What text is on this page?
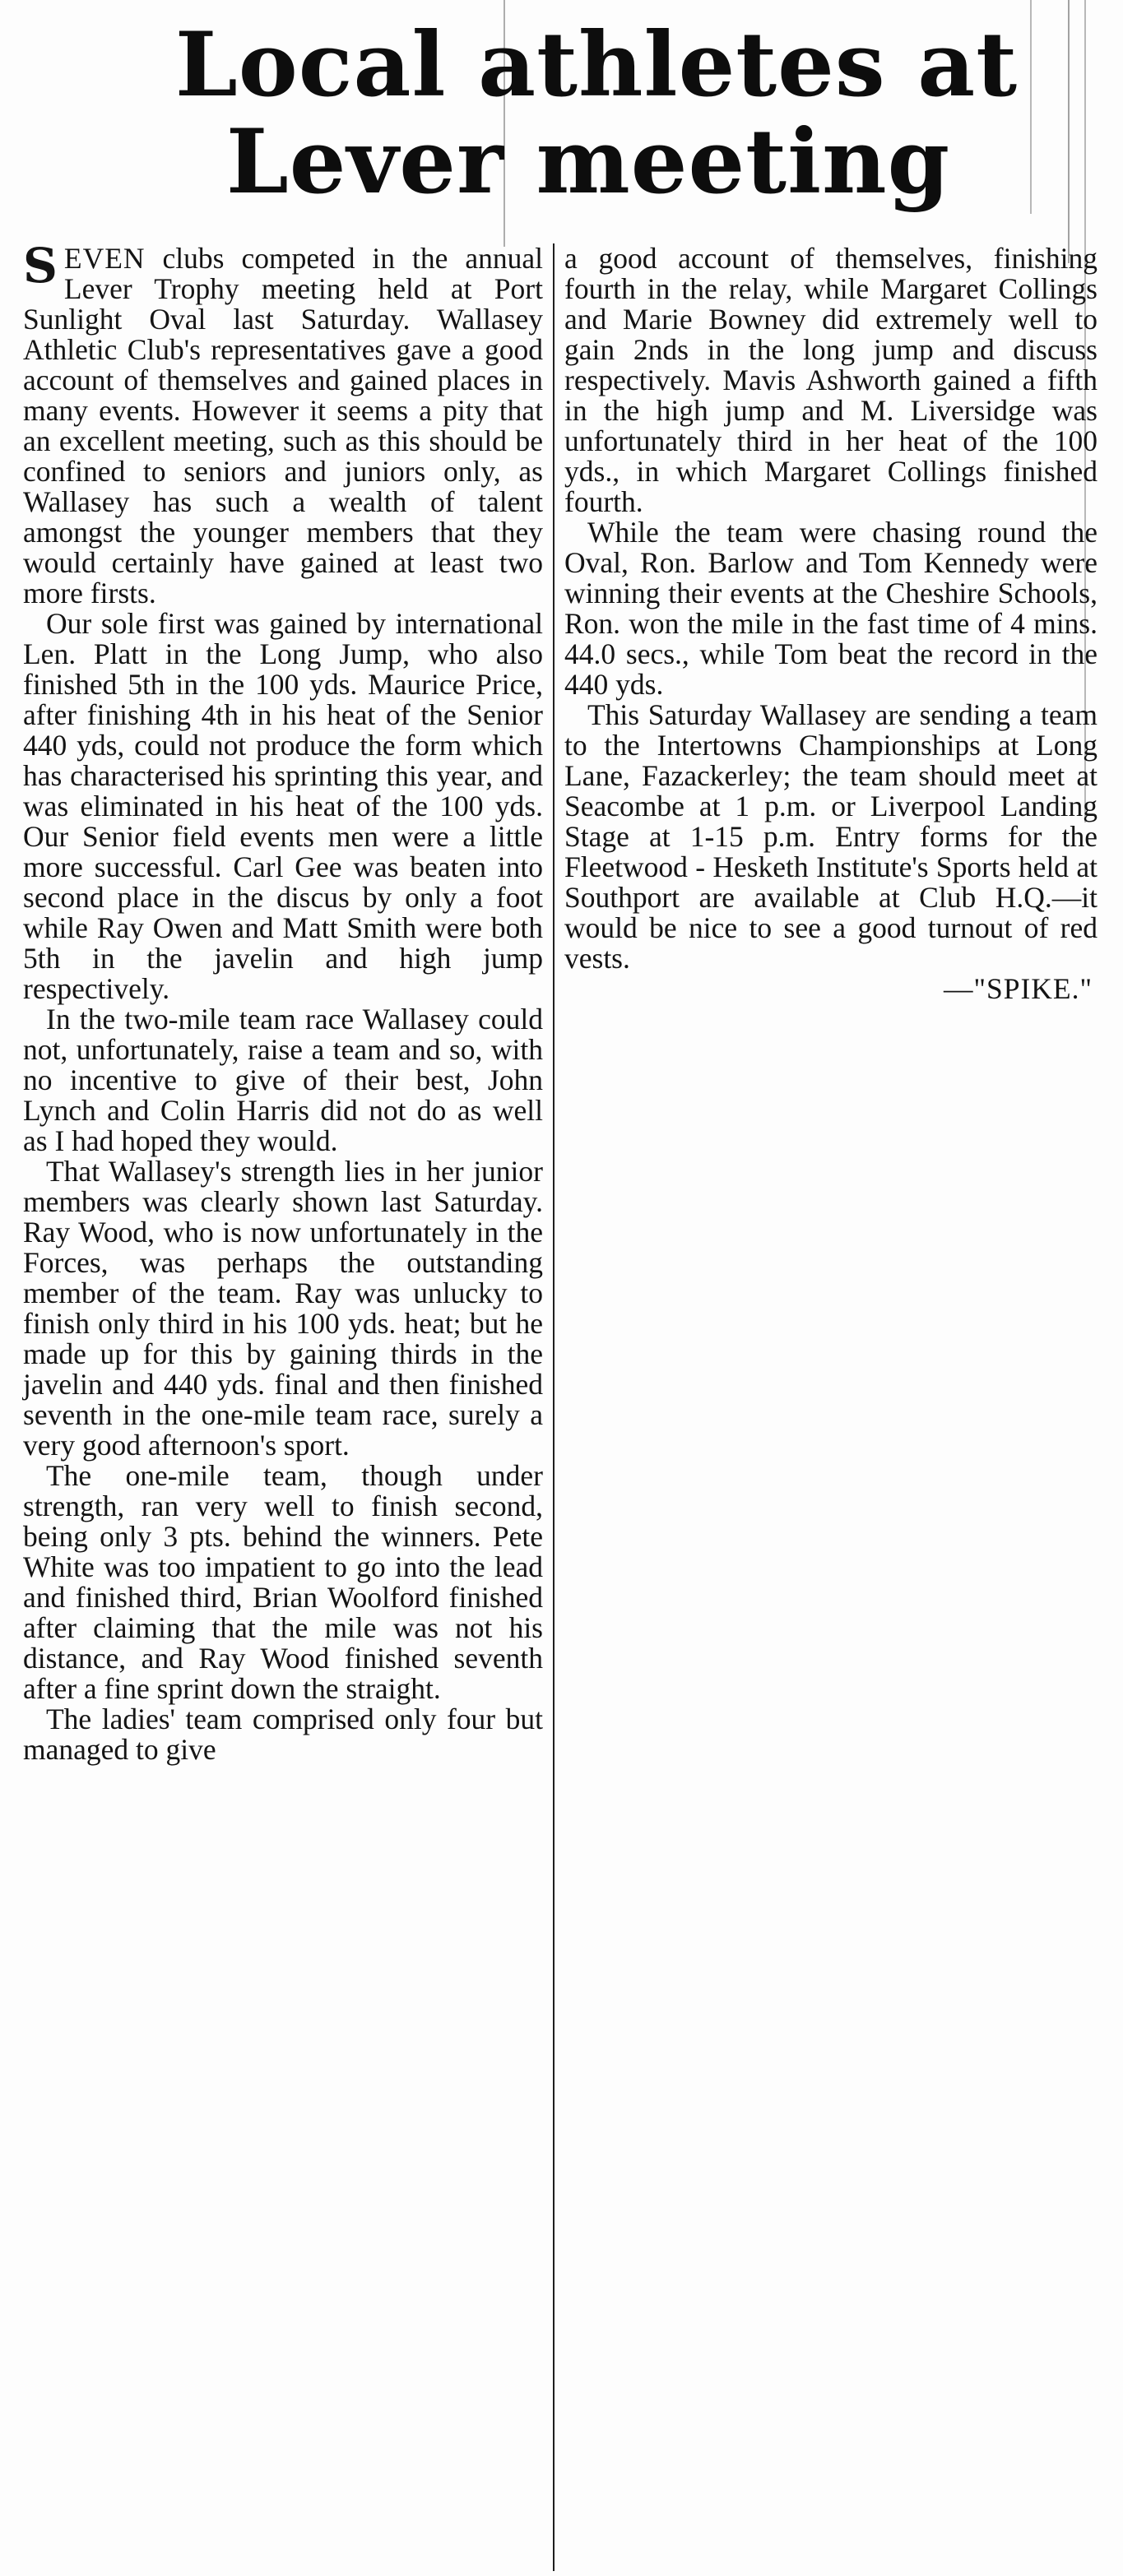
Local athletes at
Lever meeting

SEVEN clubs competed in the annual Lever Trophy meeting held at Port Sunlight Oval last Saturday. Wallasey Athletic Club's representatives gave a good account of themselves and gained places in many events. However it seems a pity that an excellent meeting, such as this should be confined to seniors and juniors only, as Wallasey has such a wealth of talent amongst the younger members that they would certainly have gained at least two more firsts.

Our sole first was gained by international Len. Platt in the Long Jump, who also finished 5th in the 100 yds. Maurice Price, after finishing 4th in his heat of the Senior 440 yds, could not produce the form which has characterised his sprinting this year, and was eliminated in his heat of the 100 yds. Our Senior field events men were a little more successful. Carl Gee was beaten into second place in the discus by only a foot while Ray Owen and Matt Smith were both 5th in the javelin and high jump respectively.

In the two-mile team race Wallasey could not, unfortunately, raise a team and so, with no incentive to give of their best, John Lynch and Colin Harris did not do as well as I had hoped they would.

That Wallasey's strength lies in her junior members was clearly shown last Saturday. Ray Wood, who is now unfortunately in the Forces, was perhaps the outstanding member of the team. Ray was unlucky to finish only third in his 100 yds. heat; but he made up for this by gaining thirds in the javelin and 440 yds. final and then finished seventh in the one-mile team race, surely a very good afternoon's sport.

The one-mile team, though under strength, ran very well to finish second, being only 3 pts. behind the winners. Pete White was too impatient to go into the lead and finished third, Brian Woolford finished after claiming that the mile was not his distance, and Ray Wood finished seventh after a fine sprint down the straight.

The ladies' team comprised only four but managed to give

a good account of themselves, finishing fourth in the relay, while Margaret Collings and Marie Bowney did extremely well to gain 2nds in the long jump and discuss respectively. Mavis Ashworth gained a fifth in the high jump and M. Liversidge was unfortunately third in her heat of the 100 yds., in which Margaret Collings finished fourth.

While the team were chasing round the Oval, Ron. Barlow and Tom Kennedy were winning their events at the Cheshire Schools, Ron. won the mile in the fast time of 4 mins. 44.0 secs., while Tom beat the record in the 440 yds.

This Saturday Wallasey are sending a team to the Intertowns Championships at Long Lane, Fazackerley; the team should meet at Seacombe at 1 p.m. or Liverpool Landing Stage at 1-15 p.m. Entry forms for the Fleetwood - Hesketh Institute's Sports held at Southport are available at Club H.Q.—it would be nice to see a good turnout of red vests.

—"SPIKE."
